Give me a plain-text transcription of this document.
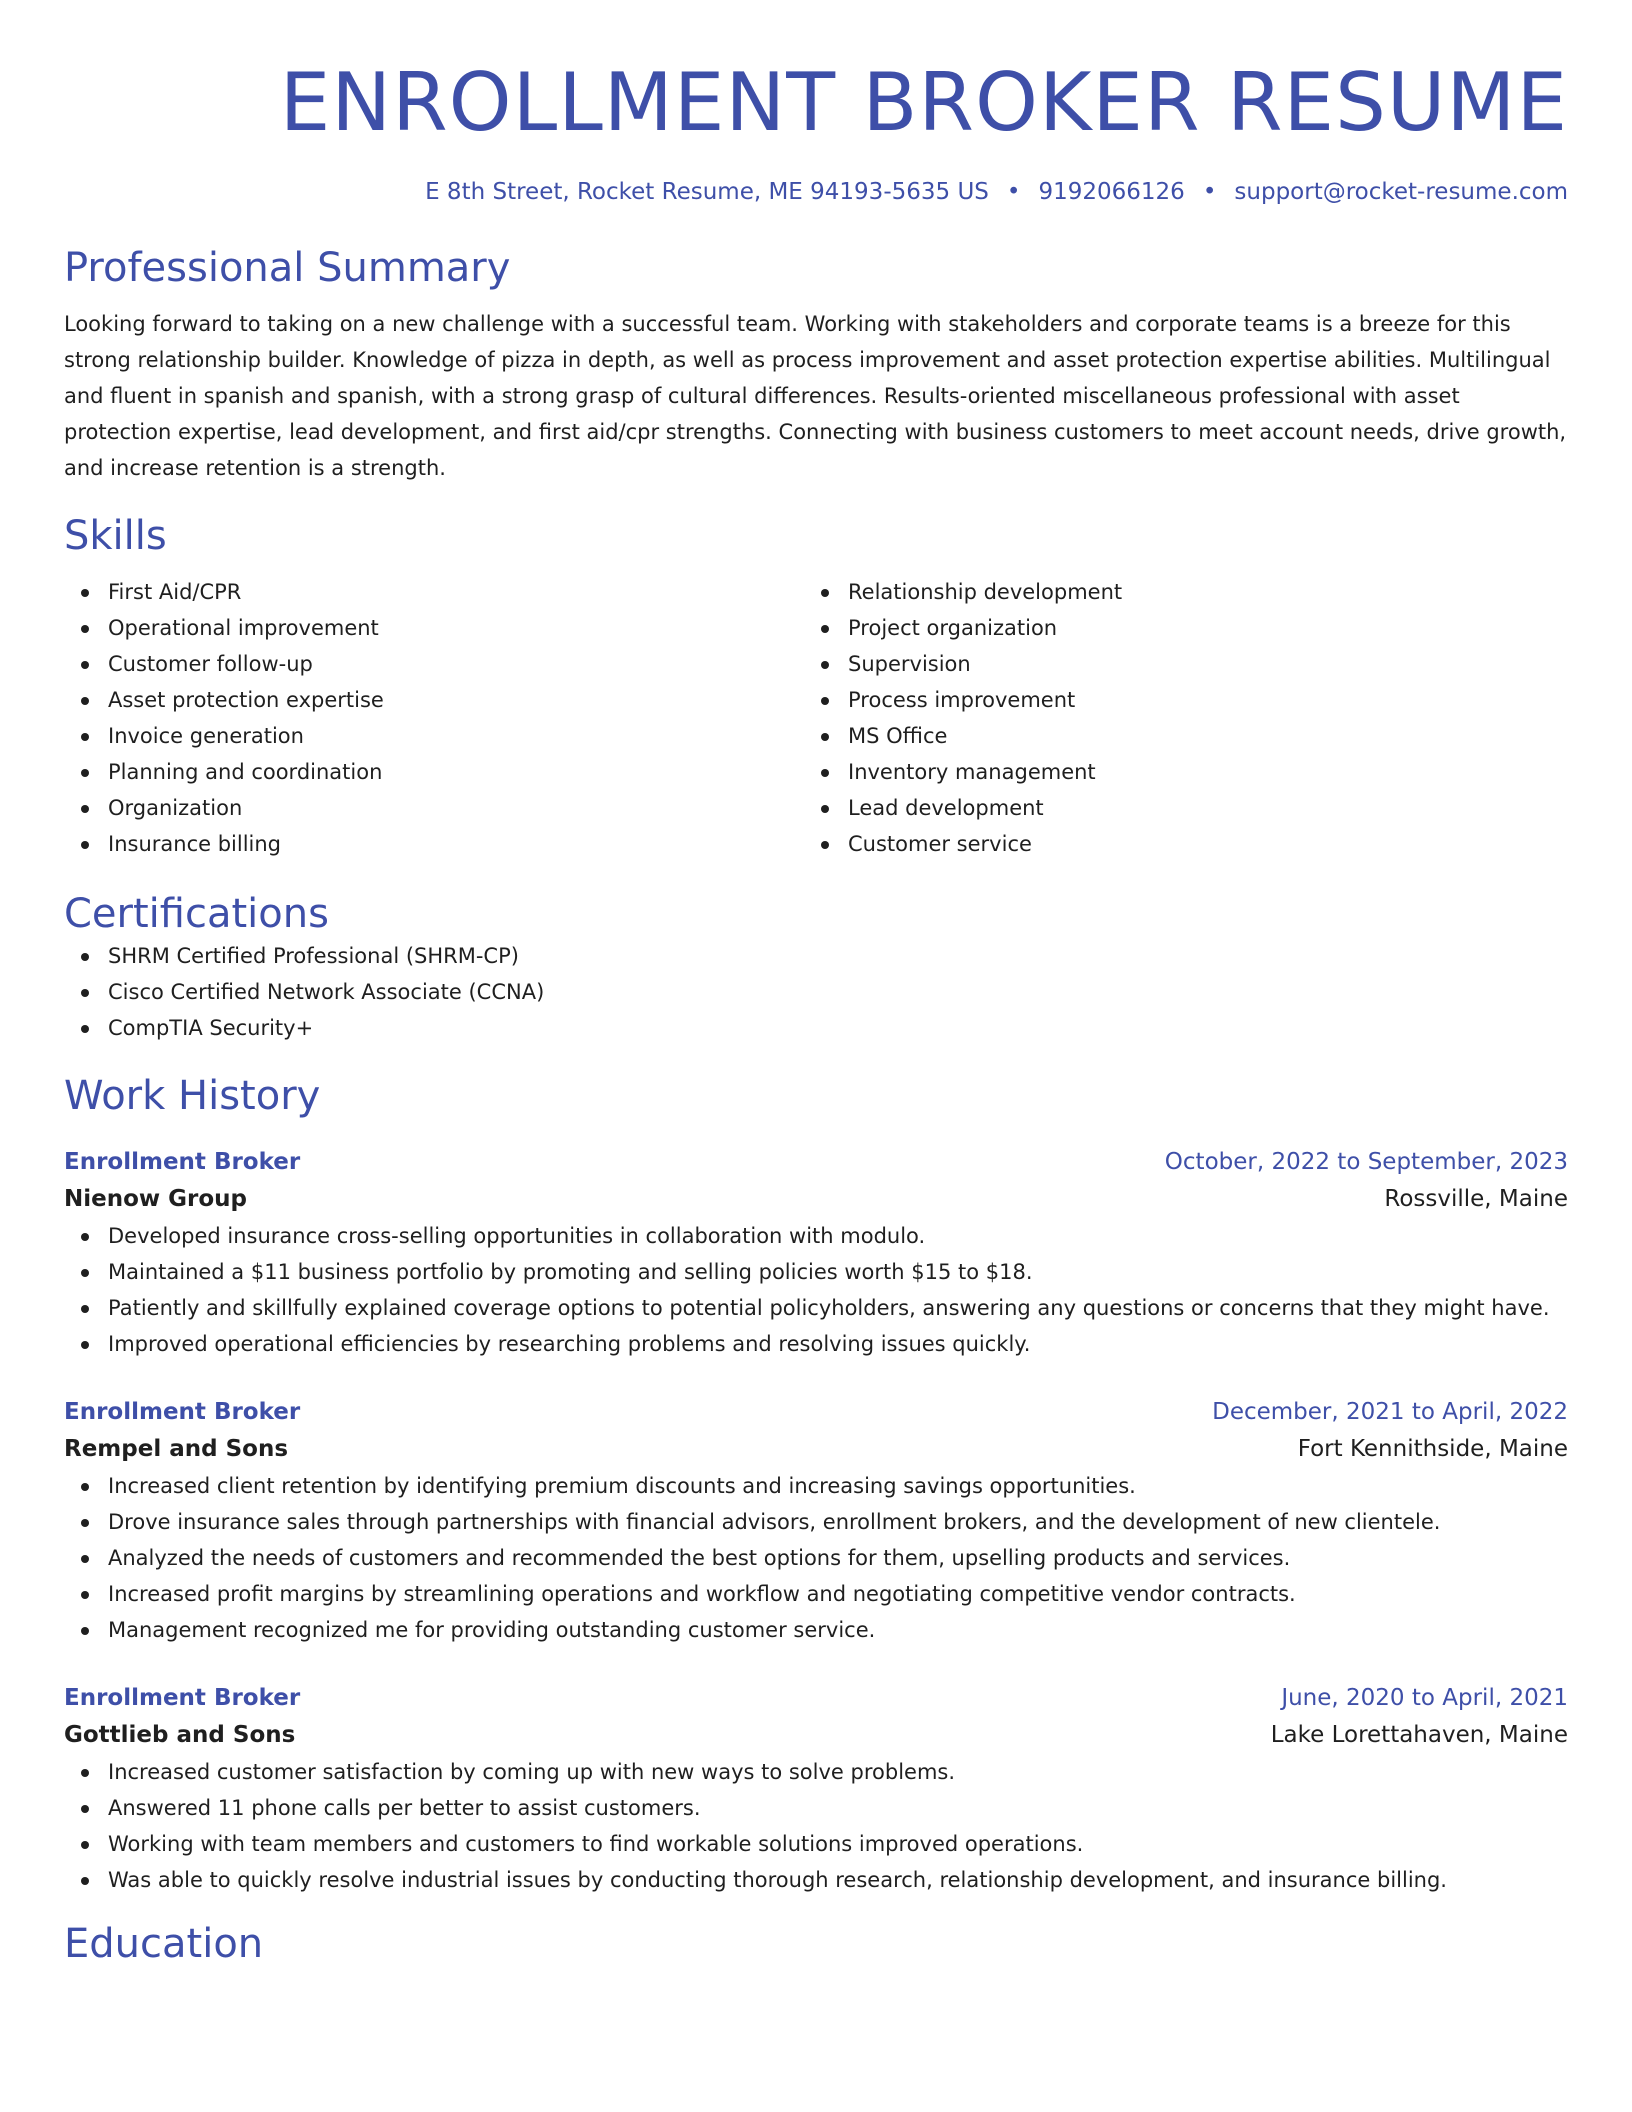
ENROLLMENT BROKER RESUME
E 8th Street, Rocket Resume, ME 94193-5635 US • 9192066126 • support@rocket-resume.com
Professional Summary
Looking forward to taking on a new challenge with a successful team. Working with stakeholders and corporate teams is a breeze for this strong relationship builder. Knowledge of pizza in depth, as well as process improvement and asset protection expertise abilities. Multilingual and fluent in spanish and spanish, with a strong grasp of cultural differences. Results-oriented miscellaneous professional with asset protection expertise, lead development, and first aid/cpr strengths. Connecting with business customers to meet account needs, drive growth, and increase retention is a strength.
Skills
First Aid/CPR
Operational improvement
Customer follow-up
Asset protection expertise
Invoice generation
Planning and coordination
Organization
Insurance billing
Relationship development
Project organization
Supervision
Process improvement
MS Office
Inventory management
Lead development
Customer service
Certifications
SHRM Certified Professional (SHRM-CP)
Cisco Certified Network Associate (CCNA)
CompTIA Security+
Work History
Enrollment Broker	October, 2022 to September, 2023
Nienow Group	Rossville, Maine
Developed insurance cross-selling opportunities in collaboration with modulo.
Maintained a $11 business portfolio by promoting and selling policies worth $15 to $18.
Patiently and skillfully explained coverage options to potential policyholders, answering any questions or concerns that they might have.
Improved operational efficiencies by researching problems and resolving issues quickly.
Enrollment Broker	December, 2021 to April, 2022
Rempel and Sons	Fort Kennithside, Maine
Increased client retention by identifying premium discounts and increasing savings opportunities.
Drove insurance sales through partnerships with financial advisors, enrollment brokers, and the development of new clientele.
Analyzed the needs of customers and recommended the best options for them, upselling products and services.
Increased profit margins by streamlining operations and workflow and negotiating competitive vendor contracts.
Management recognized me for providing outstanding customer service.
Enrollment Broker	June, 2020 to April, 2021
Gottlieb and Sons	Lake Lorettahaven, Maine
Increased customer satisfaction by coming up with new ways to solve problems.
Answered 11 phone calls per better to assist customers.
Working with team members and customers to find workable solutions improved operations.
Was able to quickly resolve industrial issues by conducting thorough research, relationship development, and insurance billing.
Education
